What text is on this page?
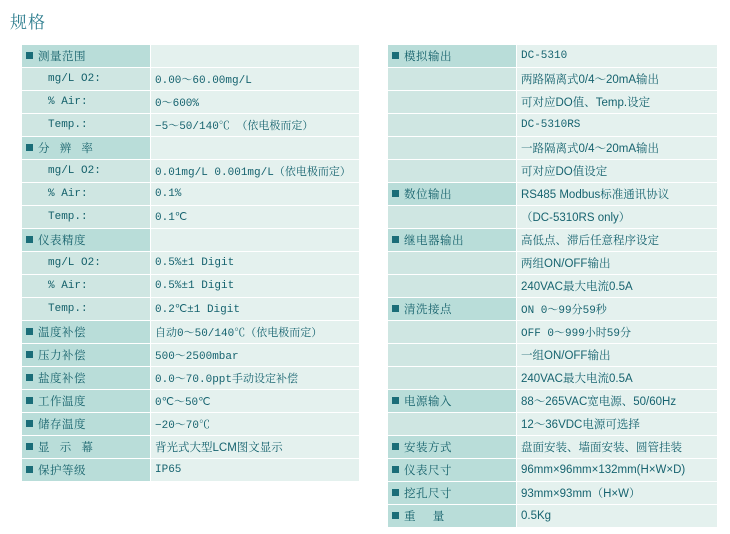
规格
测量范围	
mg/L O2:	0.00～60.00mg/L
% Air:	0～600%
Temp.:	−5～50/140℃ （依电极而定）
分 辨 率	
mg/L O2:	0.01mg/L 0.001mg/L（依电极而定）
% Air:	0.1%
Temp.:	0.1℃
仪表精度	
mg/L O2:	0.5%±1 Digit
% Air:	0.5%±1 Digit
Temp.:	0.2℃±1 Digit
温度补偿	自动0～50/140℃（依电极而定）
压力补偿	500～2500mbar
盐度补偿	0.0～70.0ppt手动设定补偿
工作温度	0℃～50℃
储存温度	−20～70℃
显 示 幕	背光式大型LCM图文显示
保护等级	IP65
模拟输出	DC-5310
	两路隔离式0/4～20mA输出
	可对应DO值、Temp.设定
	DC-5310RS
	一路隔离式0/4～20mA输出
	可对应DO值设定
数位输出	RS485 Modbus标准通讯协议
	（DC-5310RS only）
继电器输出	高低点、滞后任意程序设定
	两组ON/OFF输出
	240VAC最大电流0.5A
清洗接点	ON 0～99分59秒
	OFF 0～999小时59分
	一组ON/OFF输出
	240VAC最大电流0.5A
电源输入	88～265VAC宽电源、50/60Hz
	12～36VDC电源可选择
安装方式	盘面安装、墙面安装、圆管挂装
仪表尺寸	96mm×96mm×132mm(H×W×D)
挖孔尺寸	93mm×93mm（H×W）
重 量	0.5Kg
